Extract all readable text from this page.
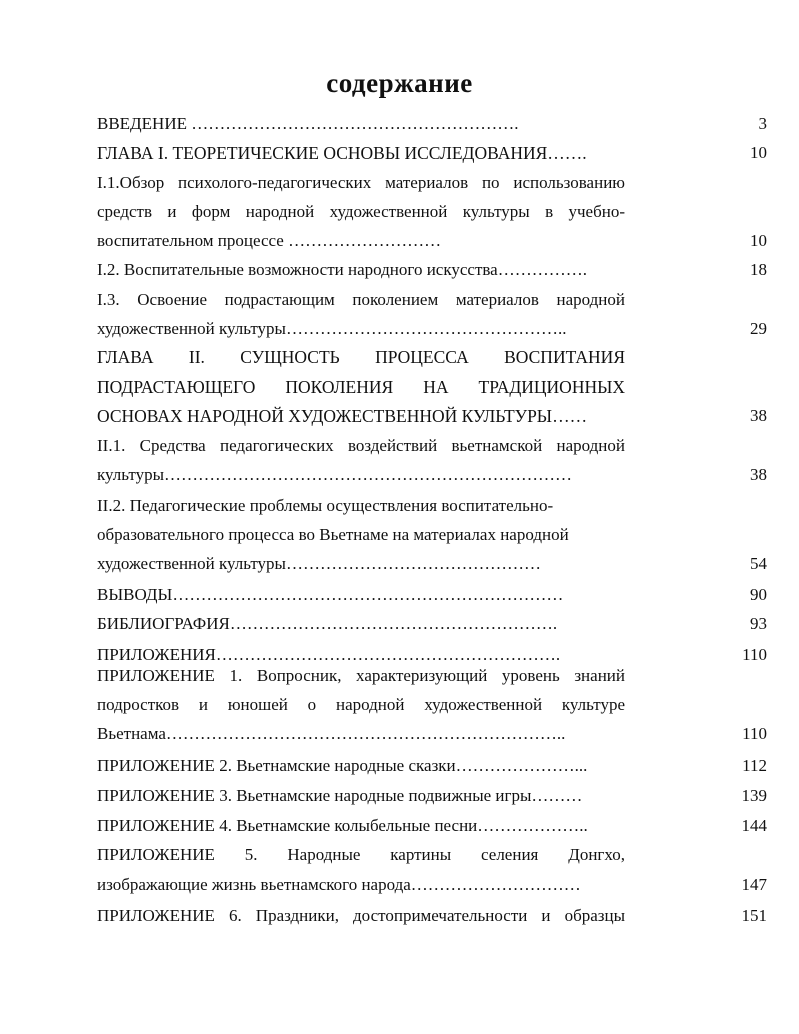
содержание
ВВЕДЕНИЕ ………………………………………………….	3
ГЛАВА I. ТЕОРЕТИЧЕСКИЕ ОСНОВЫ ИССЛЕДОВАНИЯ…….	10
I.1.Обзор психолого-педагогических материалов по использованию
средств и форм народной художественной культуры в учебно-
воспитательном процессе ………………………	10
I.2. Воспитательные возможности народного искусства…………….	18
I.3. Освоение подрастающим поколением материалов народной
художественной культуры…………………………………………..	29
ГЛАВА II. СУЩНОСТЬ ПРОЦЕССА ВОСПИТАНИЯ
ПОДРАСТАЮЩЕГО ПОКОЛЕНИЯ НА ТРАДИЦИОННЫХ
ОСНОВАХ НАРОДНОЙ ХУДОЖЕСТВЕННОЙ КУЛЬТУРЫ……	38
II.1. Средства педагогических воздействий вьетнамской народной
культуры………………………………………………………………	38
II.2. Педагогические проблемы осуществления воспитательно-
образовательного процесса во Вьетнаме на материалах народной
художественной культуры………………………………………	54
ВЫВОДЫ……………………………………………………………	90
БИБЛИОГРАФИЯ………………………………………………….	93
ПРИЛОЖЕНИЯ…………………………………………………….	110
ПРИЛОЖЕНИЕ 1. Вопросник, характеризующий уровень знаний
подростков и юношей о народной художественной культуре
Вьетнама……………………………………………………………..	110
ПРИЛОЖЕНИЕ 2. Вьетнамские народные сказки…………………...	112
ПРИЛОЖЕНИЕ 3. Вьетнамские народные подвижные игры………	139
ПРИЛОЖЕНИЕ 4. Вьетнамские колыбельные песни………………..	144
ПРИЛОЖЕНИЕ 5. Народные картины селения Донгхо,
изображающие жизнь вьетнамского народа…………………………	147
ПРИЛОЖЕНИЕ 6. Праздники, достопримечательности и образцы	151
